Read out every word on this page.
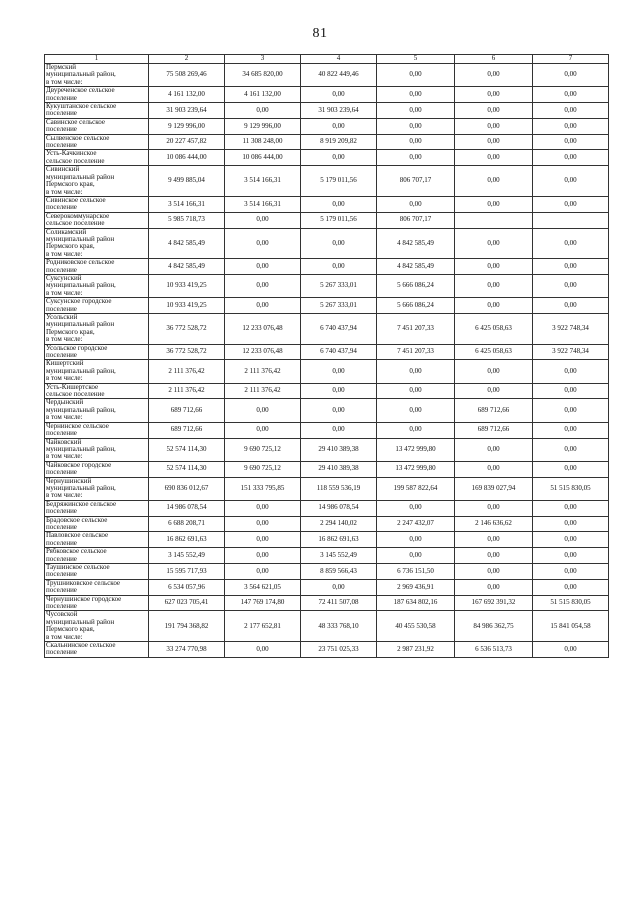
81
1	2	3	4	5	6	7

Пермский
муниципальный район,
в том числе:	75 508 269,46	34 685 820,00	40 822 449,46	0,00	0,00	0,00

Двуреченское сельское
поселение	4 161 132,00	4 161 132,00	0,00	0,00	0,00	0,00

Кукуштанское сельское
поселение	31 903 239,64	0,00	31 903 239,64	0,00	0,00	0,00

Савинское сельское
поселение	9 129 996,00	9 129 996,00	0,00	0,00	0,00	0,00

Сылвенское сельское
поселение	20 227 457,82	11 308 248,00	8 919 209,82	0,00	0,00	0,00

Усть-Качкинское
сельское поселение	10 086 444,00	10 086 444,00	0,00	0,00	0,00	0,00

Сивинский
муниципальный район
Пермского края,
в том числе:	9 499 885,04	3 514 166,31	5 179 011,56	806 707,17	0,00	0,00

Сивинское сельское
поселение	3 514 166,31	3 514 166,31	0,00	0,00	0,00	0,00

Северокоммунарское
сельское поселение	5 985 718,73	0,00	5 179 011,56	806 707,17		

Соликамский
муниципальный район
Пермского края,
в том числе:	4 842 585,49	0,00	0,00	4 842 585,49	0,00	0,00

Родниковское сельское
поселение	4 842 585,49	0,00	0,00	4 842 585,49	0,00	0,00

Суксунский
муниципальный район,
в том числе:	10 933 419,25	0,00	5 267 333,01	5 666 086,24	0,00	0,00

Суксунское городское
поселение	10 933 419,25	0,00	5 267 333,01	5 666 086,24	0,00	0,00

Усольский
муниципальный район
Пермского края,
в том числе:	36 772 528,72	12 233 076,48	6 740 437,94	7 451 207,33	6 425 058,63	3 922 748,34

Усольское городское
поселение	36 772 528,72	12 233 076,48	6 740 437,94	7 451 207,33	6 425 058,63	3 922 748,34

Кишертский
муниципальный район,
в том числе:	2 111 376,42	2 111 376,42	0,00	0,00	0,00	0,00

Усть-Кишертское
сельское поселение	2 111 376,42	2 111 376,42	0,00	0,00	0,00	0,00

Чердынский
муниципальный район,
в том числе:	689 712,66	0,00	0,00	0,00	689 712,66	0,00

Чернинское сельское
поселение	689 712,66	0,00	0,00	0,00	689 712,66	0,00

Чайковский
муниципальный район,
в том числе:	52 574 114,30	9 690 725,12	29 410 389,38	13 472 999,80	0,00	0,00

Чайковское городское
поселение	52 574 114,30	9 690 725,12	29 410 389,38	13 472 999,80	0,00	0,00

Чернушинский
муниципальный район,
в том числе:	690 836 012,67	151 333 795,85	118 559 536,19	199 587 822,64	169 839 027,94	51 515 830,05

Бедряжинское сельское
поселение	14 986 078,54	0,00	14 986 078,54	0,00	0,00	0,00

Брадовское сельское
поселение	6 688 208,71	0,00	2 294 140,02	2 247 432,07	2 146 636,62	0,00

Павловское сельское
поселение	16 862 691,63	0,00	16 862 691,63	0,00	0,00	0,00

Рябковское сельское
поселение	3 145 552,49	0,00	3 145 552,49	0,00	0,00	0,00

Таушинское сельское
поселение	15 595 717,93	0,00	8 859 566,43	6 736 151,50	0,00	0,00

Трушниковское сельское
поселение	6 534 057,96	3 564 621,05	0,00	2 969 436,91	0,00	0,00

Чернушинское городское
поселение	627 023 705,41	147 769 174,80	72 411 507,08	187 634 802,16	167 692 391,32	51 515 830,05

Чусовской
муниципальный район
Пермского края,
в том числе:	191 794 368,82	2 177 652,81	48 333 768,10	40 455 530,58	84 986 362,75	15 841 054,58

Скальнинское сельское
поселение	33 274 770,98	0,00	23 751 025,33	2 987 231,92	6 536 513,73	0,00
